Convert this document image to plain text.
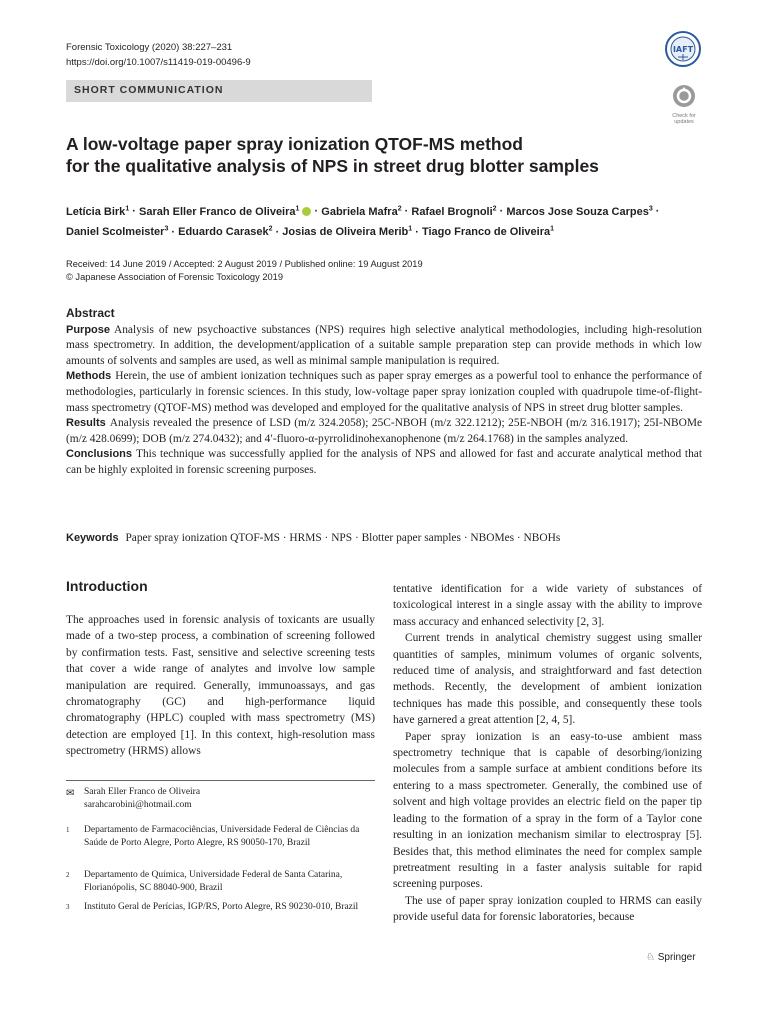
Forensic Toxicology (2020) 38:227–231
https://doi.org/10.1007/s11419-019-00496-9
IAFT
SHORT COMMUNICATION
Check for updates
A low-voltage paper spray ionization QTOF-MS method
for the qualitative analysis of NPS in street drug blotter samples
Letícia Birk$^1$ · Sarah Eller Franco de Oliveira$^1$  · Gabriela Mafra$^2$ · Rafael Brognoli$^2$ · Marcos Jose Souza Carpes$^3$ ·
Daniel Scolmeister$^3$ · Eduardo Carasek$^2$ · Josias de Oliveira Merib$^1$ · Tiago Franco de Oliveira$^1$
Received: 14 June 2019 / Accepted: 2 August 2019 / Published online: 19 August 2019
© Japanese Association of Forensic Toxicology 2019
Abstract

Purpose Analysis of new psychoactive substances (NPS) requires high selective analytical methodologies, including high-resolution mass spectrometry. In addition, the development/application of a suitable sample preparation step can provide methods in which low amounts of solvents and samples are used, as well as minimal sample manipulation is required.

Methods Herein, the use of ambient ionization techniques such as paper spray emerges as a powerful tool to enhance the performance of methodologies, particularly in forensic sciences. In this study, low-voltage paper spray ionization coupled with quadrupole time-of-flight-mass spectrometry (QTOF-MS) method was developed and employed for the qualitative analysis of NPS in street drug blotter samples.

Results Analysis revealed the presence of LSD (m/z 324.2058); 25C-NBOH (m/z 322.1212); 25E-NBOH (m/z 316.1917); 25I-NBOMe (m/z 428.0699); DOB (m/z 274.0432); and 4′-fluoro-α-pyrrolidinohexanophenone (m/z 264.1768) in the samples analyzed.

Conclusions This technique was successfully applied for the analysis of NPS and allowed for fast and accurate analytical method that can be highly exploited in forensic screening purposes.

Keywords Paper spray ionization QTOF-MS · HRMS · NPS · Blotter paper samples · NBOMes · NBOHs
Introduction

The approaches used in forensic analysis of toxicants are usually made of a two-step process, a combination of screening followed by confirmation tests. Fast, sensitive and selective screening tests that cover a wide range of analytes and involve low sample manipulation are required. Generally, immunoassays, and gas chromatography (GC) and high-performance liquid chromatography (HPLC) coupled with mass spectrometry (MS) detection are employed [1]. In this context, high-resolution mass spectrometry (HRMS) allows

✉ Sarah Eller Franco de Oliveira
sarahcarobini@hotmail.com
1 Departamento de Farmacociências, Universidade Federal de Ciências da Saúde de Porto Alegre, Porto Alegre, RS 90050-170, Brazil
2 Departamento de Química, Universidade Federal de Santa Catarina, Florianópolis, SC 88040-900, Brazil
3 Instituto Geral de Perícias, IGP/RS, Porto Alegre, RS 90230-010, Brazil

tentative identification for a wide variety of substances of toxicological interest in a single assay with the ability to improve mass accuracy and enhanced selectivity [2, 3].

Current trends in analytical chemistry suggest using smaller quantities of samples, minimum volumes of organic solvents, reduced time of analysis, and straightforward and fast detection methods. Recently, the development of ambient ionization techniques has made this possible, and consequently these tools have garnered a great attention [2, 4, 5].

Paper spray ionization is an easy-to-use ambient mass spectrometry technique that is capable of desorbing/ionizing molecules from a sample surface at ambient conditions before its entering to a mass spectrometer. Generally, the combined use of solvent and high voltage provides an electric field on the paper tip leading to the formation of a spray in the form of a Taylor cone resulting in an ionization mechanism similar to electrospray [5]. Besides that, this method eliminates the need for complex sample pretreatment resulting in a faster analysis suitable for rapid screening purposes.

The use of paper spray ionization coupled to HRMS can easily provide useful data for forensic laboratories, because

♘ Springer
